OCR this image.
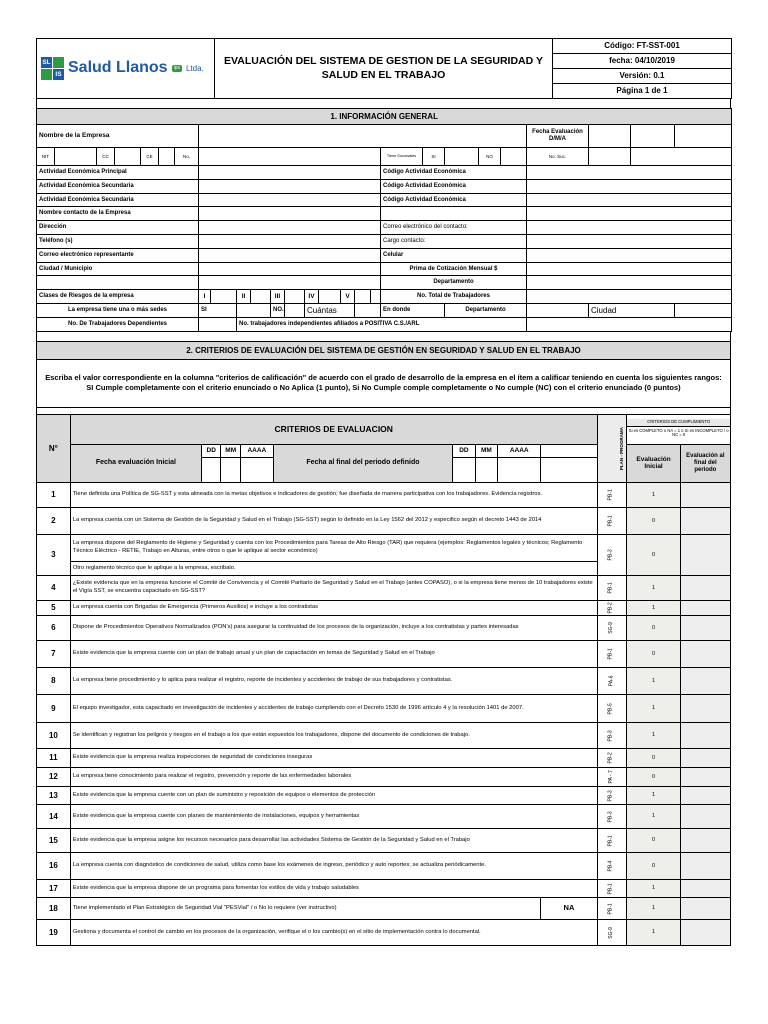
SL
IS Salud Llanos	ips Ltda.
	EVALUACIÓN DEL SISTEMA DE GESTION DE LA SEGURIDAD Y SALUD EN EL TRABAJO	Código: FT-SST-001
fecha: 04/10/2019
Versión: 0.1
Página 1 de 1
1. INFORMACIÓN GENERAL																										
Nombre de la Empresa																							Fecha Evaluación D/M/A			
NIT		CC		CE		No.												Tiene Sucursales	SI		NO		No. Suc.			
Actividad Económica Principal																		Código Actividad Económica								
Actividad Económica Secundaria																		Código Actividad Económica								
Actividad Económica Secundaria																		Código Actividad Económica								
Nombre contacto de la Empresa																										
Dirección																		Correo electrónico del contacto:								
Teléfono (s)																		Cargo contacto:								
Correo electrónico representante																		Celular								
Ciudad / Municipio																		Prima de Cotización Mensual $								
																		Departamento								
Clases de Riesgos de la empresa							I		II		III		IV		V			No. Total de Trabajadores								
La empresa tiene una o más sedes							SI				NO.		Cuántas					En donde		Departamento				Ciudad		
No. De Trabajadores Dependientes									No. trabajadores independientes afiliados a POSITIVA C.S./ARL																	
2. CRITERIOS DE EVALUACIÓN DEL SISTEMA DE GESTIÓN EN SEGURIDAD Y SALUD EN EL TRABAJO
Escriba el valor correspondiente en la columna "criterios de calificación" de acuerdo con el grado de desarrollo de la empresa en el ítem a calificar teniendo en cuenta los siguientes rangos: SI Cumple completamente con el criterio enunciado o No Aplica (1 punto), Si No Cumple comple completamente o No cumple (NC) con el criterio enunciado (0 puntos)
N°	CRITERIOS DE EVALUACION									PLAN - PROGRAMA	CRITERIOS DE CUMPLIMIENTO
Si es COMPLETO o NA = 1 o Si es INCOMPLETO / o NC = 0	

	Fecha evaluación Inicial	DD	MM	AAAA	Fecha al final del periodo definido	DD	MM	AAAA			Evaluación Inicial	Evaluación al final del periodo

1	Tiene definida una Política de SG-SST y esta alineada con la metas objetivos e indicadores de gestión; fue diseñada de manera participativa con los trabajadores. Evidencia registros.									PB-1	1	
2	La empresa cuenta con un Sistema de Gestión de la Seguridad y Salud en el Trabajo (SG-SST) según lo definido en la Ley 1562 del 2012 y especifico según el decreto 1443 de 2014									PB-1	0	
3	La empresa dispone del Reglamento de Higiene y Seguridad y cuenta con los Procedimientos para Tareas de Alto Riesgo (TAR) que requiera (ejemplos: Reglamentos legales y técnicos; Reglamento Técnico Eléctrico - RETIE, Trabajo en Alturas, entre otros o que le aplique al sector económico)									PB-3	0	
	Otro reglamento técnico que le aplique a la empresa, escribalo.											
4	¿Existe evidencia que en la empresa funcione el Comité de Convivencia y el Comité Paritario de Seguridad y Salud en el Trabajo (antes COPASO), o si la empresa tiene menos de 10 trabajadores existe el Vigía SST, se encuentra capacitado en SG-SST?									PB-1	1	
5	La empresa cuenta con Brigadas de Emergencia (Primeros Auxilios) e incluye a los contratistas									PB-2	1	
6	Dispone de Procedimientos Operativos Normalizados (PON's) para asegurar la continuidad de los procesos de la organización, incluye a los contratistas y partes interesadas									SG-9	0	
7	Existe evidencia que la empresa cuente con un plan de trabajo anual y un plan de capacitación en temas de Seguridad y Salud en el Trabajo									PB-1	0	
8	La empresa tiene procedimiento y lo aplica para realizar el registro, reporte de incidentes y accidentes de trabajo de sus trabajadores y contratistas.									PA-6	1	
9	El equipo investigador, esta capacitado en investigación de incidentes y accidentes de trabajo cumpliendo con el Decreto 1530 de 1996 artículo 4 y la resolución 1401 de 2007.									PB-5	1	
10	Se identifican y registran los peligros y riesgos en el trabajo a los que están expuestos los trabajadores, dispone del documento de condiciones de trabajo.									PB-3	1	
11	Existe evidencia que la empresa realiza inspecciones de seguridad de condiciones inseguras									PB-2	0	
12	La empresa tiene conocimiento para realizar el registro, prevención y reporte de las enfermedades laborales									PA - 7	0	
13	Existe evidencia que la empresa cuente con un plan de suministro y reposición de equipos o elementos de protección									PB-3	1	
14	Existe evidencia que la empresa cuente con planes de mantenimiento de instalaciones, equipos y herramientas									PB-3	1	
15	Existe evidencia que la empresa asigne los recursos necesarios para desarrollar las actividades Sistema de Gestión de la Seguridad y Salud en el Trabajo									PB-1	0	
16	La empresa cuenta con diagnóstico de condiciones de salud, utiliza como base los exámenes de ingreso, periódico y auto reportes; se actualiza periódicamente.									PB-4	0	
17	Existe evidencia que la empresa dispone de un programa para fomentar los estilos de vida y trabajo saludables									PB-1	1	
18	Tiene implementado el Plan Estratégico de Seguridad Vial "PESVial" / o No lo requiere (ver instructivo)								NA	PB-1	1	
19	Gestiona y documenta el control de cambio en los procesos de la organización, verifique el o los cambio(s) en el sitio de implementación contra lo documental.									SG-9	1	
